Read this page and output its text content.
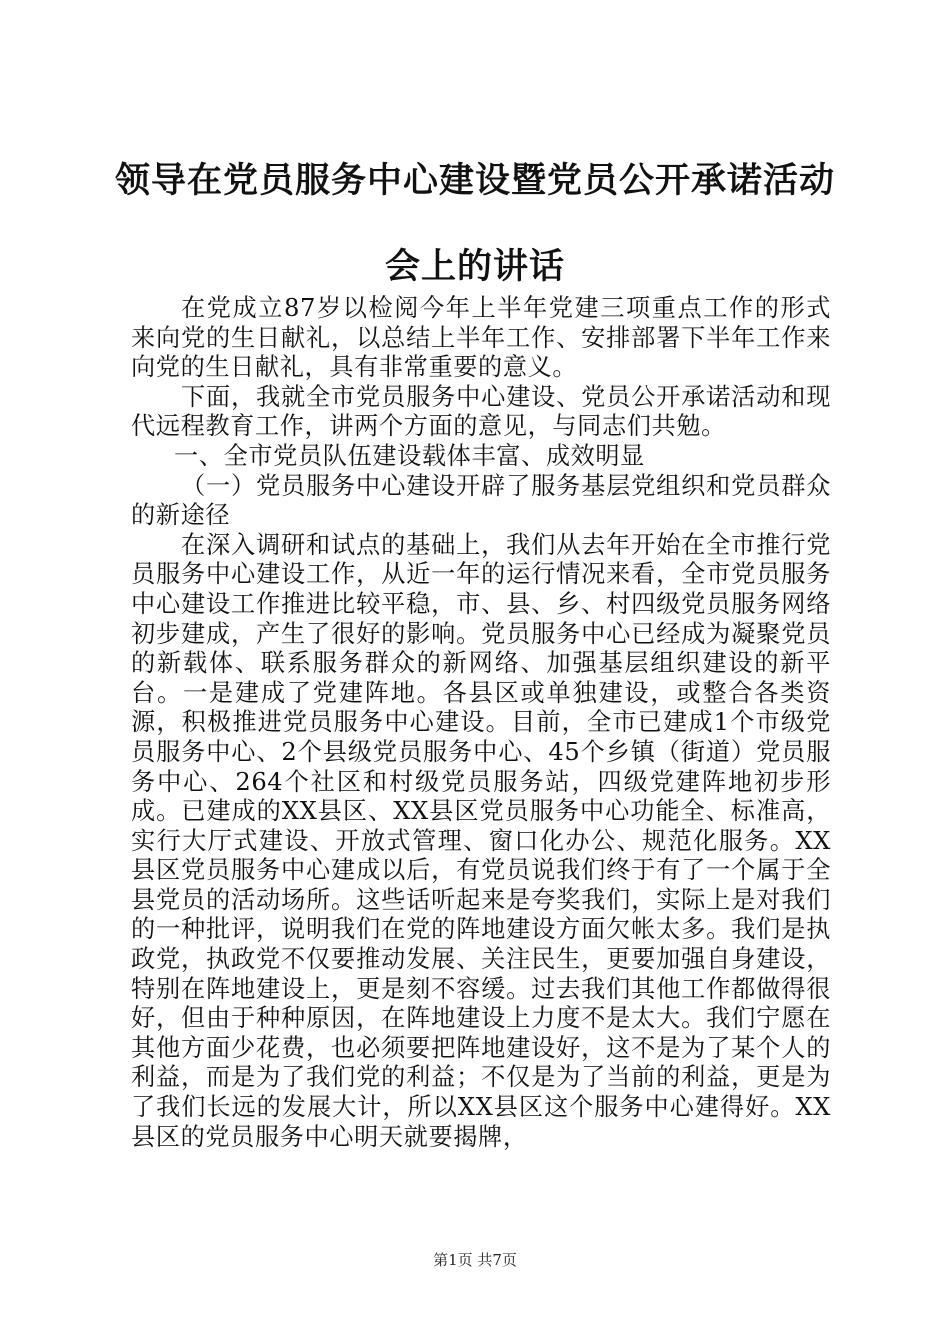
领导在党员服务中心建设暨党员公开承诺活动
会上的讲话

在党成立87岁以检阅今年上半年党建三项重点工作的形式来向党的生日献礼，以总结上半年工作、安排部署下半年工作来向党的生日献礼，具有非常重要的意义。

下面，我就全市党员服务中心建设、党员公开承诺活动和现代远程教育工作，讲两个方面的意见，与同志们共勉。

一、全市党员队伍建设载体丰富、成效明显

（一）党员服务中心建设开辟了服务基层党组织和党员群众的新途径

在深入调研和试点的基础上，我们从去年开始在全市推行党员服务中心建设工作，从近一年的运行情况来看，全市党员服务中心建设工作推进比较平稳，市、县、乡、村四级党员服务网络初步建成，产生了很好的影响。党员服务中心已经成为凝聚党员的新载体、联系服务群众的新网络、加强基层组织建设的新平台。一是建成了党建阵地。各县区或单独建设，或整合各类资源，积极推进党员服务中心建设。目前，全市已建成1个市级党员服务中心、2个县级党员服务中心、45个乡镇（街道）党员服务中心、264个社区和村级党员服务站，四级党建阵地初步形成。已建成的XX县区、XX县区党员服务中心功能全、标准高，实行大厅式建设、开放式管理、窗口化办公、规范化服务。XX县区党员服务中心建成以后，有党员说我们终于有了一个属于全县党员的活动场所。这些话听起来是夸奖我们，实际上是对我们的一种批评，说明我们在党的阵地建设方面欠帐太多。我们是执政党，执政党不仅要推动发展、关注民生，更要加强自身建设，特别在阵地建设上，更是刻不容缓。过去我们其他工作都做得很好，但由于种种原因，在阵地建设上力度不是太大。我们宁愿在其他方面少花费，也必须要把阵地建设好，这不是为了某个人的利益，而是为了我们党的利益；不仅是为了当前的利益，更是为了我们长远的发展大计，所以XX县区这个服务中心建得好。XX县区的党员服务中心明天就要揭牌，

第1页 共7页
